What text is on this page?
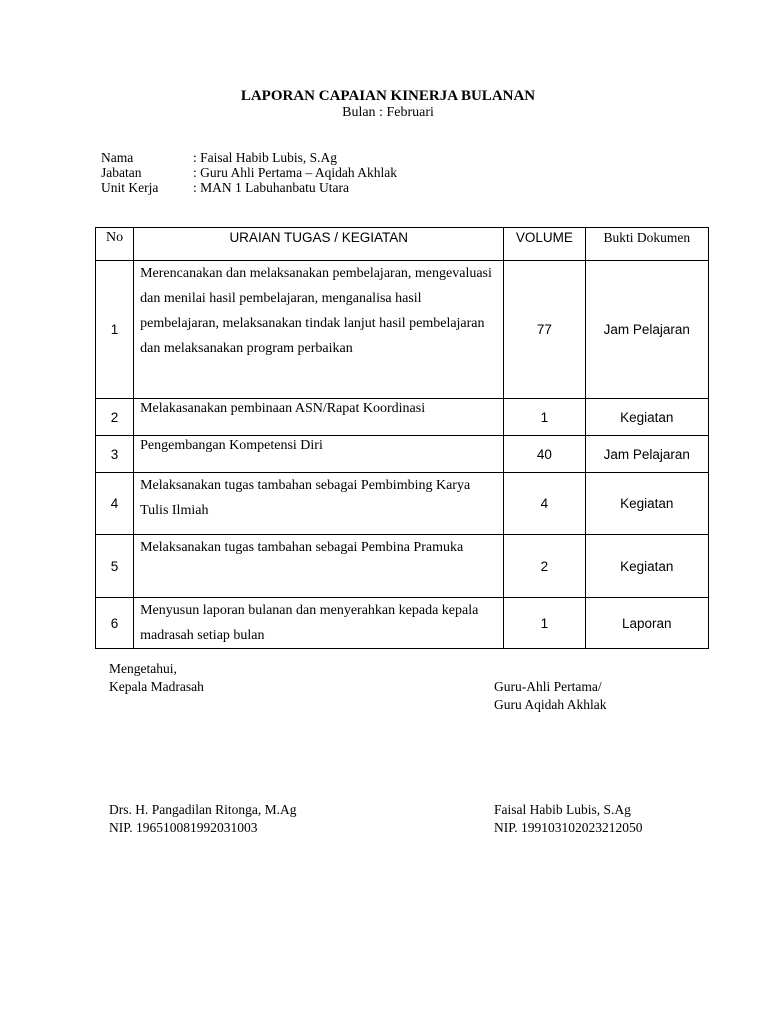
LAPORAN CAPAIAN KINERJA BULANAN
Bulan : Februari
Nama	: Faisal Habib Lubis, S.Ag
Jabatan	: Guru Ahli Pertama – Aqidah Akhlak
Unit Kerja	: MAN 1 Labuhanbatu Utara
No	URAIAN TUGAS / KEGIATAN	VOLUME	Bukti Dokumen
1	Merencanakan dan melaksanakan pembelajaran, mengevaluasi dan menilai hasil pembelajaran, menganalisa hasil pembelajaran, melaksanakan tindak lanjut hasil pembelajaran dan melaksanakan program perbaikan	77	Jam Pelajaran
2	Melakasanakan pembinaan ASN/Rapat Koordinasi	1	Kegiatan
3	Pengembangan Kompetensi Diri	40	Jam Pelajaran
4	Melaksanakan tugas tambahan sebagai Pembimbing Karya Tulis Ilmiah	4	Kegiatan
5	Melaksanakan tugas tambahan sebagai Pembina Pramuka	2	Kegiatan
6	Menyusun laporan bulanan dan menyerahkan kepada kepala madrasah setiap bulan	1	Laporan
Mengetahui,
Kepala Madrasah	Guru-Ahli Pertama/
Guru Aqidah Akhlak
Drs. H. Pangadilan Ritonga, M.Ag
NIP. 196510081992031003
Faisal Habib Lubis, S.Ag
NIP. 199103102023212050
